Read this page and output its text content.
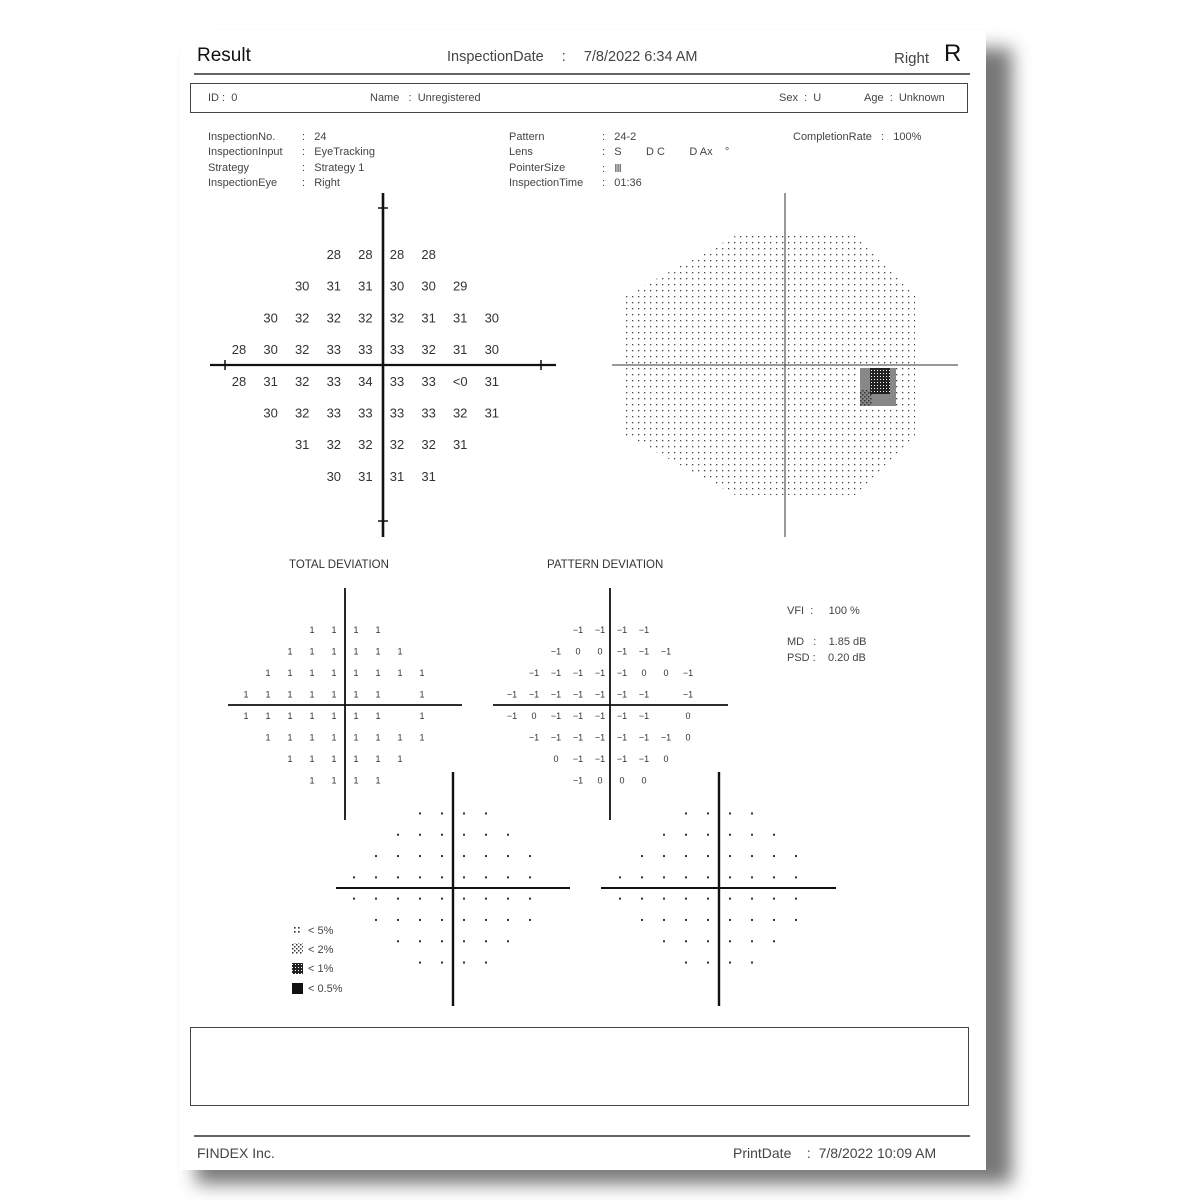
Result	InspectionDate : 7/8/2022 6:34 AM	Right R
ID :  0	Name   :  Unregistered	Sex  :  U	Age  :  Unknown
InspectionNo. :   24
InspectionInput :   EyeTracking
Strategy	:   Strategy 1
InspectionEye :   Right
Pattern	:   24-2
Lens	:   S        D C        D Ax    °
PointerSize	:   Ⅲ
InspectionTime :   01:36
CompletionRate   :   100%
28 28 28 28
30 31 31 30 30 29
30 32 32 32 32 31 31 30
28 30 32 33 33 33 32 31 30
28 31 32 33 34 33 33 <0 31
30 32 33 33 33 33 32 31
31 32 32 32 32 31
30 31 31 31
1 1 1 1
1 1 1 1 1 1
1 1 1 1 1 1 1 1
1 1 1 1 1 1 1	1
1 1 1 1 1 1 1	1
1 1 1 1 1 1 1 1
1 1 1 1 1 1
1 1 1 1
−1 −1 −1 −1
−1 0 0 −1 −1 −1
−1 −1 −1 −1 −1 0 0 −1
−1 −1 −1 −1 −1 −1 −1	−1
−1 0 −1 −1 −1 −1 −1	0
−1 −1 −1 −1 −1 −1 −1 0
0 −1 −1 −1 −1 0
−1 0 0 0
TOTAL DEVIATION	PATTERN DEVIATION
VFI  :     100 %
MD   :    1.85 dB
PSD :    0.20 dB
< 5%
< 2%
< 1%
< 0.5%
FINDEX Inc.	PrintDate    :  7/8/2022 10:09 AM
